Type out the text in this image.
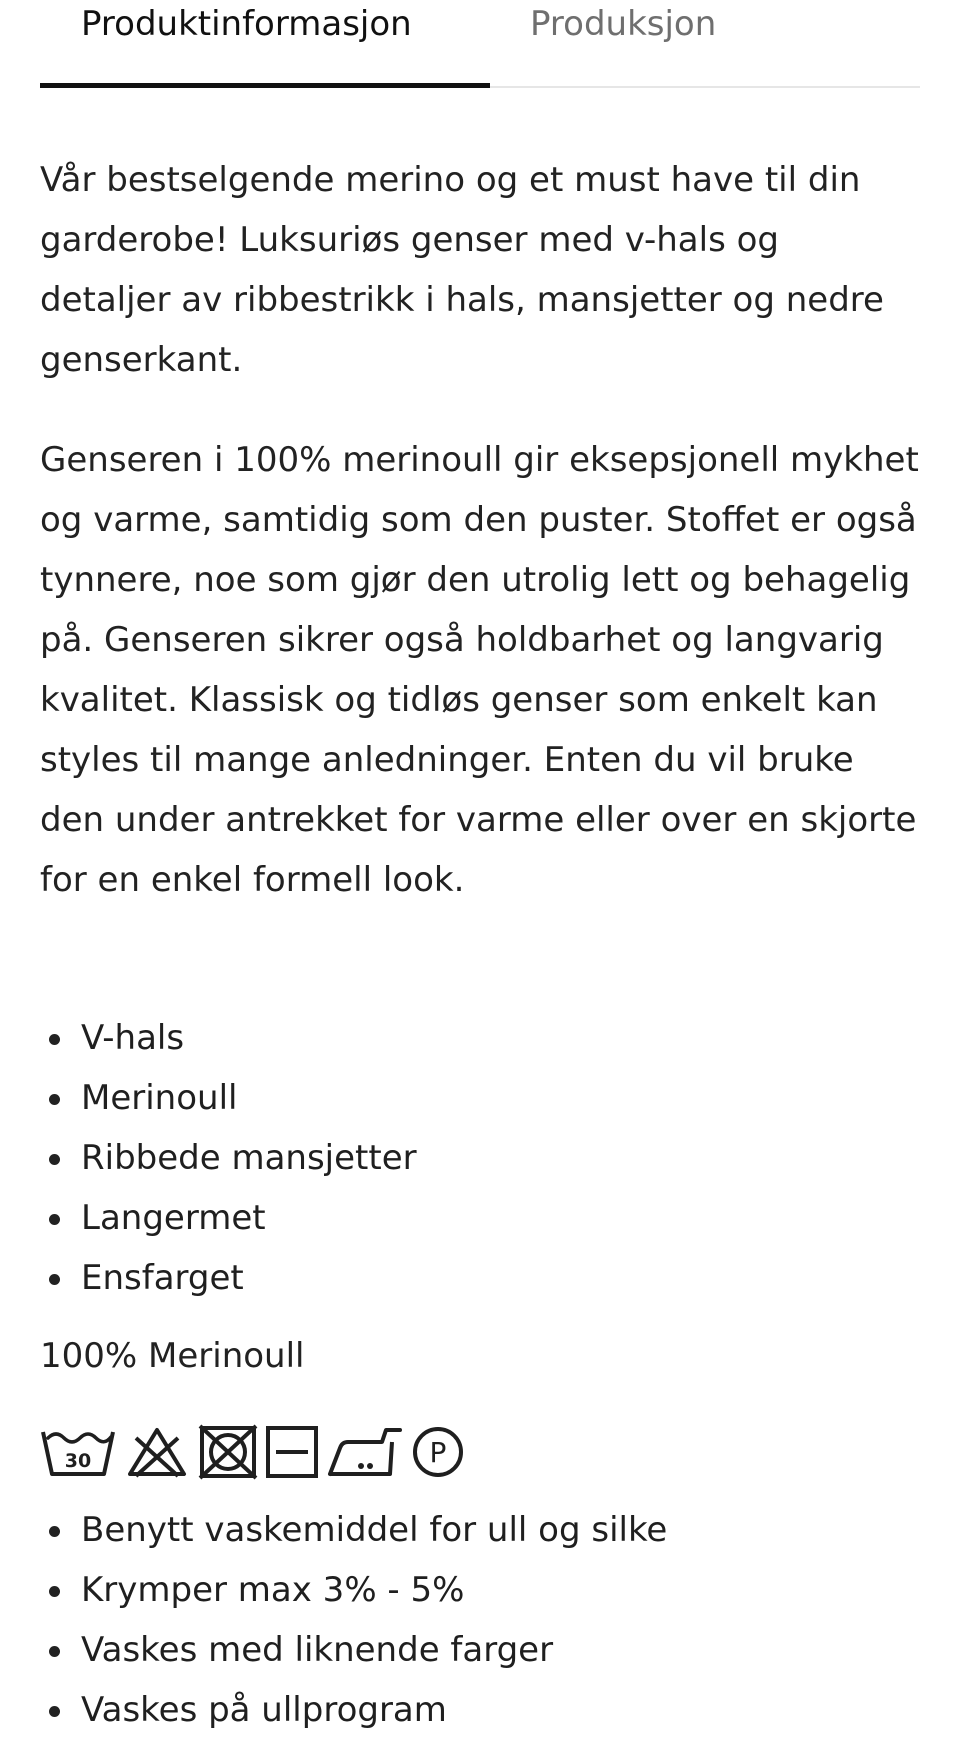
Produktinformasjon	Produksjon

Vår bestselgende merino og et must have til din garderobe! Luksuriøs genser med v-hals og detaljer av ribbestrikk i hals, mansjetter og nedre genserkant.

Genseren i 100% merinoull gir eksepsjonell mykhet og varme, samtidig som den puster. Stoffet er også tynnere, noe som gjør den utrolig lett og behagelig på. Genseren sikrer også holdbarhet og langvarig kvalitet. Klassisk og tidløs genser som enkelt kan styles til mange anledninger. Enten du vil bruke den under antrekket for varme eller over en skjorte for en enkel formell look.

V-hals
Merinoull
Ribbede mansjetter
Langermet
Ensfarget
100% Merinoull
30	P
Benytt vaskemiddel for ull og silke
Krymper max 3% - 5%
Vaskes med liknende farger
Vaskes på ullprogram
